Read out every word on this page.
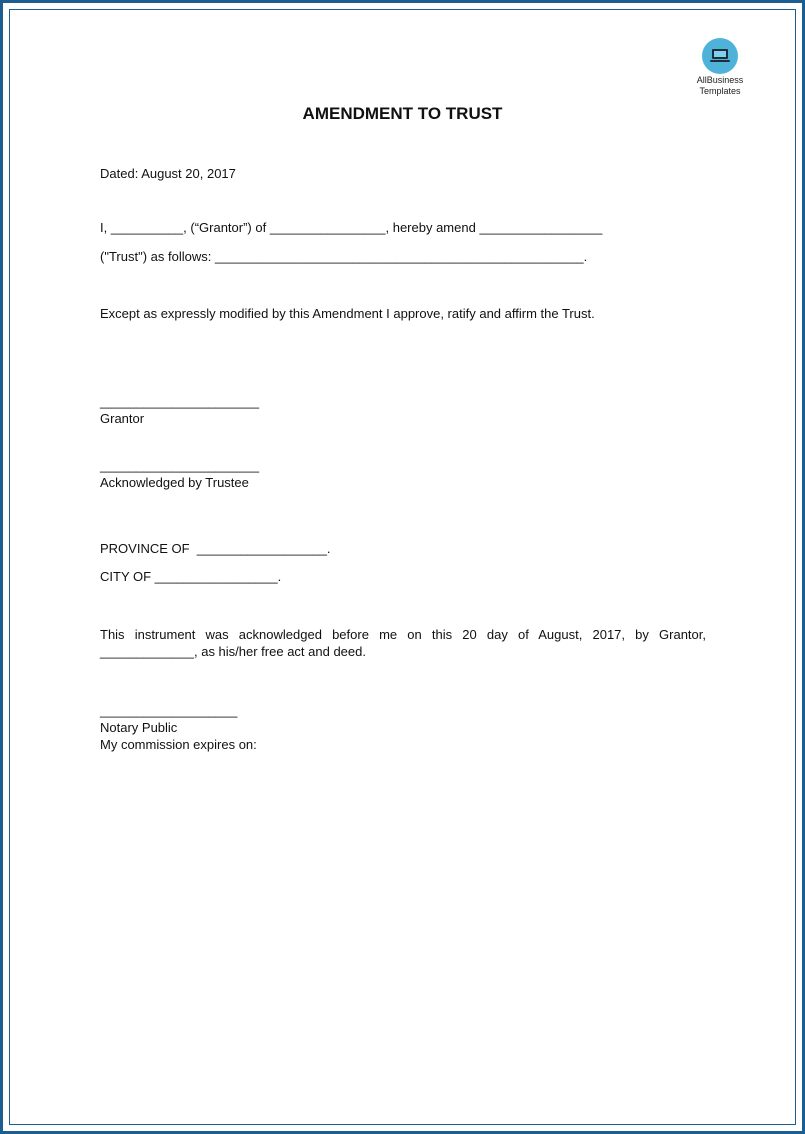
AllBusiness
Templates
AMENDMENT TO TRUST
Dated: August 20, 2017
I, __________, (“Grantor”) of ________________, hereby amend _________________
("Trust") as follows: ___________________________________________________.
Except as expressly modified by this Amendment I approve, ratify and affirm the Trust.
______________________
Grantor
______________________
Acknowledged by Trustee
PROVINCE OF  __________________.
CITY OF _________________.
This instrument was acknowledged before me on this 20 day of August, 2017, by Grantor,
_____________, as his/her free act and deed.
___________________
Notary Public
My commission expires on:
